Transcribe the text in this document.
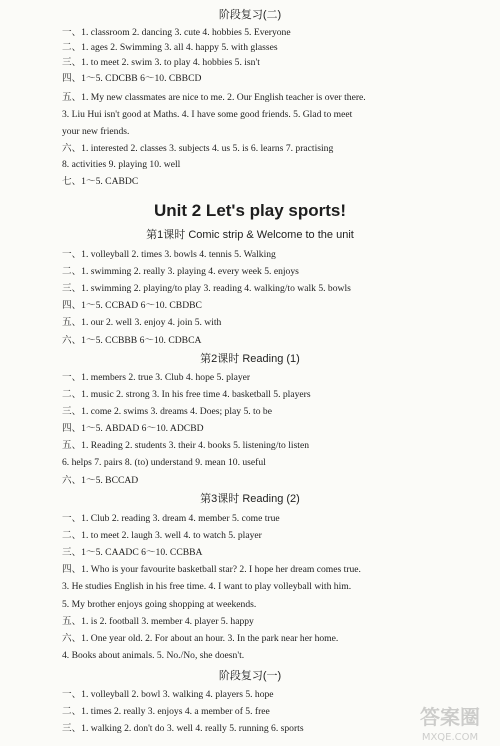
阶段复习(二)
一、1. classroom 2. dancing 3. cute 4. hobbies 5. Everyone
二、1. ages 2. Swimming 3. all 4. happy 5. with glasses
三、1. to meet 2. swim 3. to play 4. hobbies 5. isn't
四、1～5. CDCBB 6～10. CBBCD
五、1. My new classmates are nice to me. 2. Our English teacher is over there.
3. Liu Hui isn't good at Maths. 4. I have some good friends. 5. Glad to meet
your new friends.
六、1. interested 2. classes 3. subjects 4. us 5. is 6. learns 7. practising
8. activities 9. playing 10. well
七、1～5. CABDC
Unit 2 Let's play sports!
第1课时 Comic strip & Welcome to the unit
一、1. volleyball 2. times 3. bowls 4. tennis 5. Walking
二、1. swimming 2. really 3. playing 4. every week 5. enjoys
三、1. swimming 2. playing/to play 3. reading 4. walking/to walk 5. bowls
四、1～5. CCBAD 6～10. CBDBC
五、1. our 2. well 3. enjoy 4. join 5. with
六、1～5. CCBBB 6～10. CDBCA
第2课时 Reading (1)
一、1. members 2. true 3. Club 4. hope 5. player
二、1. music 2. strong 3. In his free time 4. basketball 5. players
三、1. come 2. swims 3. dreams 4. Does; play 5. to be
四、1～5. ABDAD 6～10. ADCBD
五、1. Reading 2. students 3. their 4. books 5. listening/to listen
6. helps 7. pairs 8. (to) understand 9. mean 10. useful
六、1～5. BCCAD
第3课时 Reading (2)
一、1. Club 2. reading 3. dream 4. member 5. come true
二、1. to meet 2. laugh 3. well 4. to watch 5. player
三、1～5. CAADC 6～10. CCBBA
四、1. Who is your favourite basketball star? 2. I hope her dream comes true.
3. He studies English in his free time. 4. I want to play volleyball with him.
5. My brother enjoys going shopping at weekends.
五、1. is 2. football 3. member 4. player 5. happy
六、1. One year old. 2. For about an hour. 3. In the park near her home.
4. Books about animals. 5. No./No, she doesn't.
阶段复习(一)
一、1. volleyball 2. bowl 3. walking 4. players 5. hope
二、1. times 2. really 3. enjoys 4. a member of 5. free
三、1. walking 2. don't do 3. well 4. really 5. running 6. sports	答案圈
MXQE.COM
